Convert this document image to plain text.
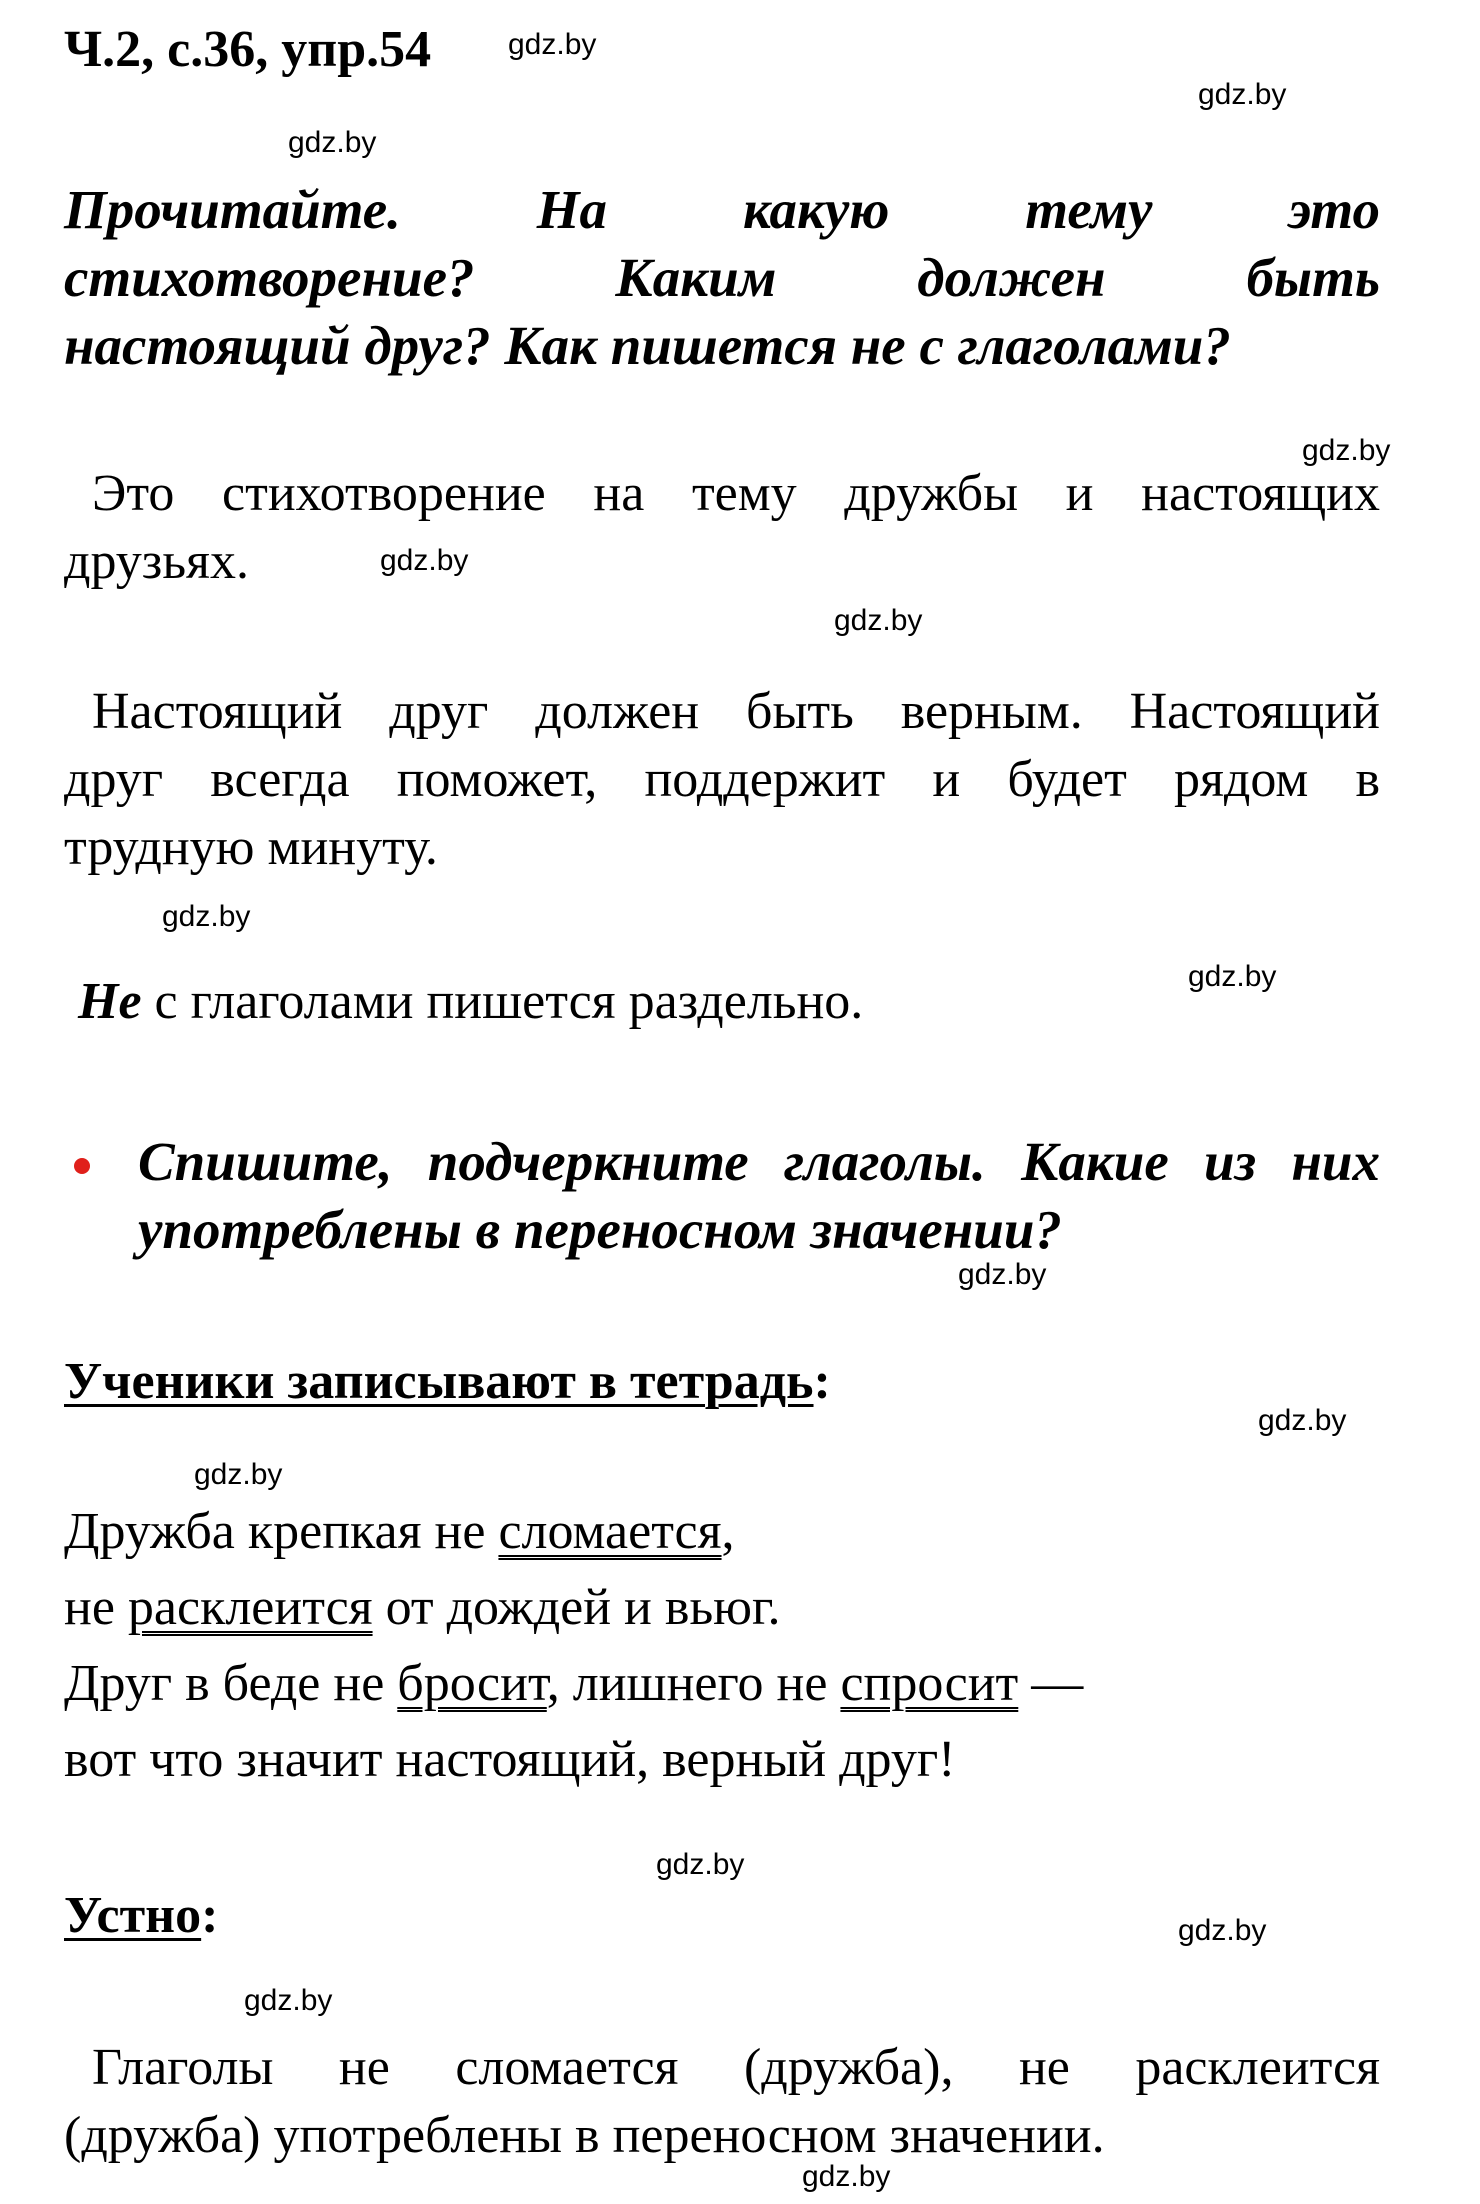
Ч.2, с.36, упр.54	gdz.by
gdz.by
gdz.by
gdz.by
gdz.by
gdz.by
gdz.by
gdz.by
gdz.by
gdz.by
gdz.by
gdz.by
gdz.by
gdz.by
gdz.by
Прочитайте. На какую тему это
стихотворение? Каким должен быть
настоящий друг? Как пишется не с глаголами?
Это стихотворение на тему дружбы и настоящих
друзьях.
Настоящий друг должен быть верным. Настоящий
друг всегда поможет, поддержит и будет рядом в
трудную минуту.
Не с глаголами пишется раздельно.
Спишите, подчеркните глаголы. Какие из них
употреблены в переносном значении?
Ученики записывают в тетрадь:
Дружба крепкая не сломается,
не расклеится от дождей и вьюг.
Друг в беде не бросит, лишнего не спросит —
вот что значит настоящий, верный друг!
Устно:
Глаголы не сломается (дружба), не расклеится
(дружба) употреблены в переносном значении.
